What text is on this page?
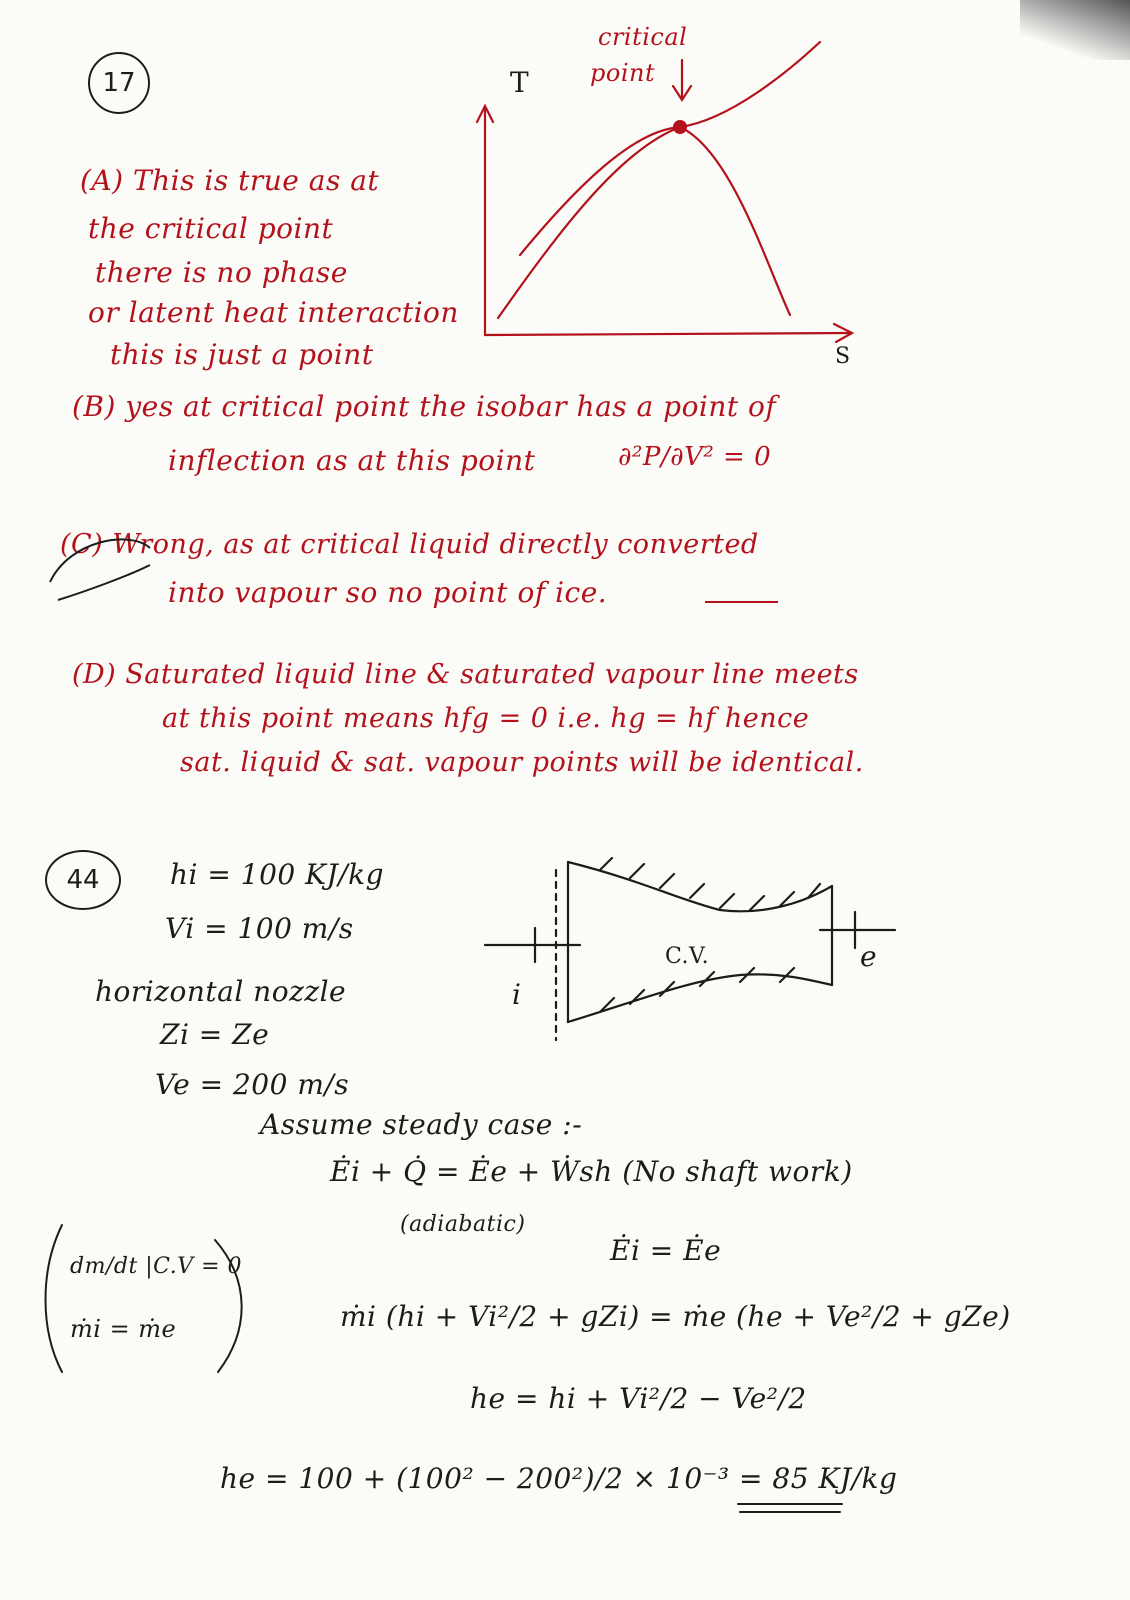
17	T
S
critical
point
(A) This is true as at
the critical point
there is no phase
or latent heat interaction
this is just a point
(B) yes at critical point the isobar has a point of
inflection as at this point	∂²P/∂V² = 0
(C) Wrong, as at critical liquid directly converted
into vapour so no point of ice.
(D) Saturated liquid line & saturated vapour line meets
at this point means hfg = 0 i.e. hg = hf hence
sat. liquid & sat. vapour points will be identical.
44	hi = 100 KJ/kg
Vi = 100 m/s
horizontal nozzle
Zi = Ze
Ve = 200 m/s
C.V.
i
e
Assume steady case :-
Ėi + Q̇ = Ėe + Ẇsh (No shaft work)
(adiabatic)
Ėi = Ėe
ṁi (hi + Vi²/2 + gZi) = ṁe (he + Ve²/2 + gZe)
he = hi + Vi²/2 − Ve²/2
he = 100 + (100² − 200²)/2 × 10⁻³ = 85 KJ/kg
dm/dt |C.V = 0
ṁi = ṁe
